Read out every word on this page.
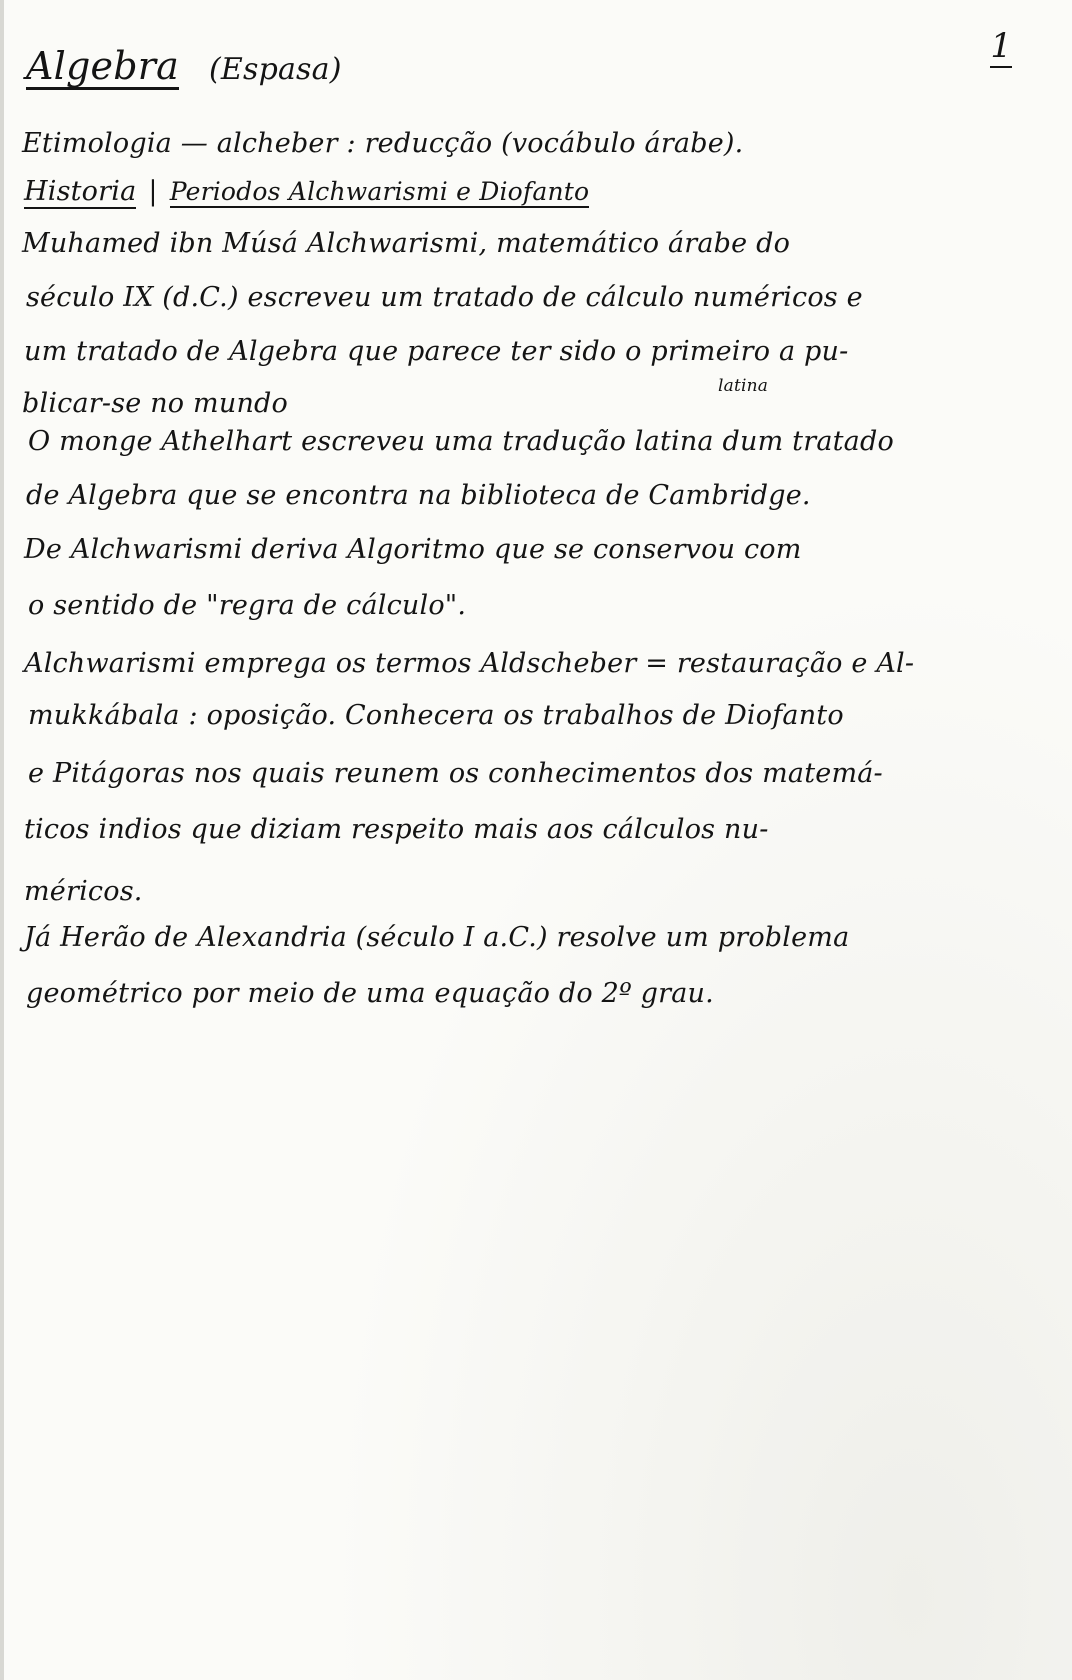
1
Algebra (Espasa)
Etimologia — alcheber : reducção (vocábulo árabe).
Historia | Periodos Alchwarismi e Diofanto
Muhamed ibn Músá Alchwarismi, matemático árabe do
século IX (d.C.) escreveu um tratado de cálculo numéricos e
um tratado de Algebra que parece ter sido o primeiro a pu-
blicar-se no mundo
latina
O monge Athelhart escreveu uma tradução latina dum tratado
de Algebra que se encontra na biblioteca de Cambridge.
De Alchwarismi deriva Algoritmo que se conservou com
o sentido de "regra de cálculo".
Alchwarismi emprega os termos Aldscheber = restauração e Al-
mukkábala : oposição. Conhecera os trabalhos de Diofanto
e Pitágoras nos quais reunem os conhecimentos dos matemá-
ticos indios que diziam respeito mais aos cálculos nu-
méricos.
Já Herão de Alexandria (século I a.C.) resolve um problema
geométrico por meio de uma equação do 2º grau.
